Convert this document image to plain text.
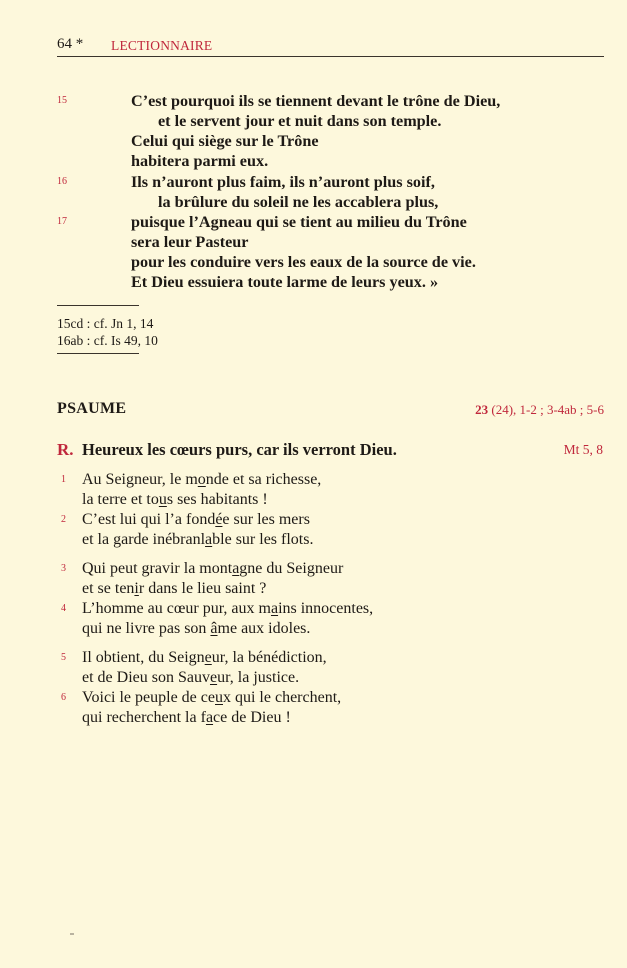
64 * LECTIONNAIRE
15
16
17
C’est pourquoi ils se tiennent devant le trône de Dieu,
et le servent jour et nuit dans son temple.
Celui qui siège sur le Trône
habitera parmi eux.
Ils n’auront plus faim, ils n’auront plus soif,
la brûlure du soleil ne les accablera plus,
puisque l’Agneau qui se tient au milieu du Trône
sera leur Pasteur
pour les conduire vers les eaux de la source de vie.
Et Dieu essuiera toute larme de leurs yeux. »
15cd : cf. Jn 1, 14
16ab : cf. Is 49, 10
PSAUME	23 (24), 1-2 ; 3-4ab ; 5-6
R. Heureux les cœurs purs, car ils verront Dieu.	Mt 5, 8
1
2
3
4
5
6
Au Seigneur, le monde et sa richesse,
la terre et tous ses habitants !
C’est lui qui l’a fondée sur les mers
et la garde inébranlable sur les flots.
Qui peut gravir la montagne du Seigneur
et se tenir dans le lieu saint ?
L’homme au cœur pur, aux mains innocentes,
qui ne livre pas son âme aux idoles.
Il obtient, du Seigneur, la bénédiction,
et de Dieu son Sauveur, la justice.
Voici le peuple de ceux qui le cherchent,
qui recherchent la face de Dieu !
